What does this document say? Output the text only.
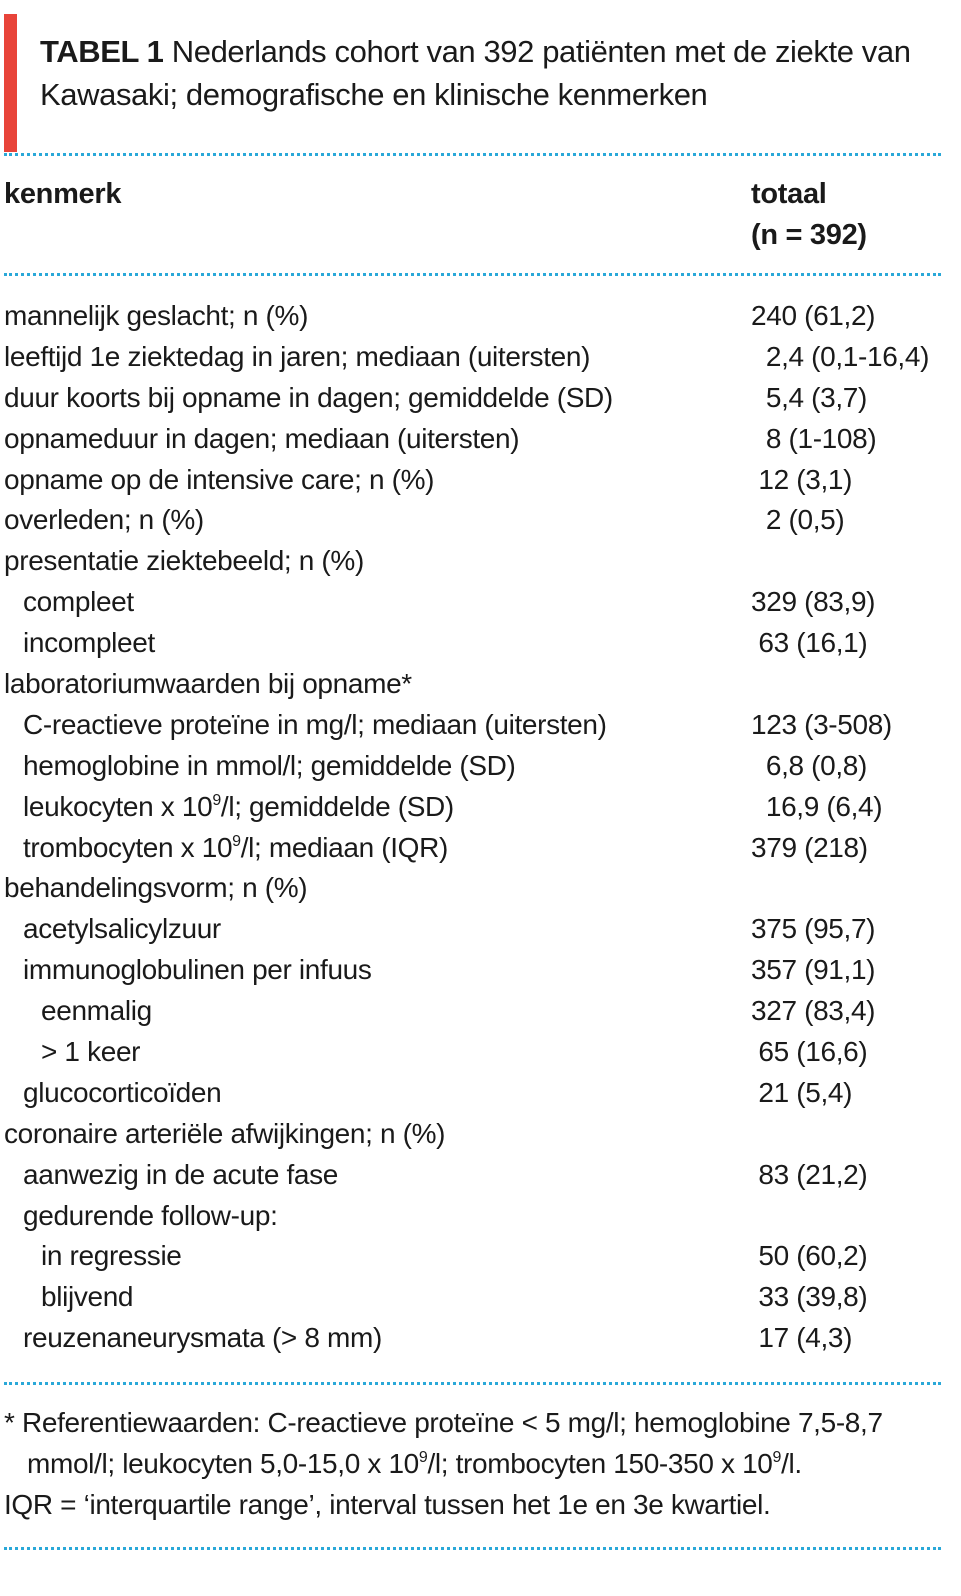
TABEL 1 Nederlands cohort van 392 patiënten met de ziekte van Kawasaki; demografische en klinische kenmerken
kenmerk	totaal
(n = 392)
mannelijk geslacht; n (%)	240 (61,2)
leeftijd 1e ziektedag in jaren; mediaan (uitersten)	2,4 (0,1-16,4)
duur koorts bij opname in dagen; gemiddelde (SD)	5,4 (3,7)
opnameduur in dagen; mediaan (uitersten)	8 (1-108)
opname op de intensive care; n (%)	12 (3,1)
overleden; n (%)	2 (0,5)
presentatie ziektebeeld; n (%)
compleet	329 (83,9)
incompleet	63 (16,1)
laboratoriumwaarden bij opname*
C-reactieve proteïne in mg/l; mediaan (uitersten)	123 (3-508)
hemoglobine in mmol/l; gemiddelde (SD)	6,8 (0,8)
leukocyten x $10^9/l$; gemiddelde (SD)	16,9 (6,4)
trombocyten x $10^9/l$; mediaan (IQR)	379 (218)
behandelingsvorm; n (%)
acetylsalicylzuur	375 (95,7)
immunoglobulinen per infuus	357 (91,1)
eenmalig	327 (83,4)
> 1 keer	65 (16,6)
glucocorticoïden	21 (5,4)
coronaire arteriële afwijkingen; n (%)
aanwezig in de acute fase	83 (21,2)
gedurende follow-up:
in regressie	50 (60,2)
blijvend	33 (39,8)
reuzenaneurysmata (> 8 mm)	17 (4,3)

* Referentiewaarden: C-reactieve proteïne < 5 mg/l; hemoglobine 7,5-8,7

mmol/l; leukocyten 5,0-15,0 x $10^9/l$; trombocyten 150-350 x $10^9/l$.

IQR = ‘interquartile range’, interval tussen het 1e en 3e kwartiel.
